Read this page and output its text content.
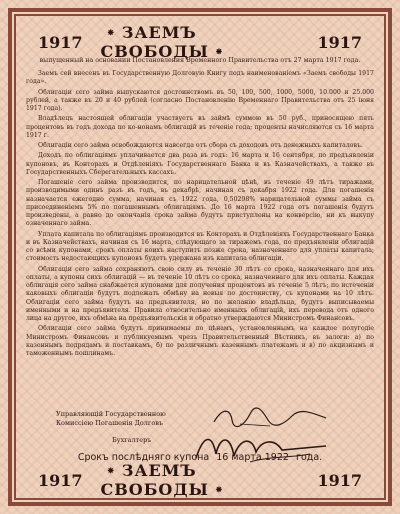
1917	⁕ ЗАЕМЪ СВОБОДЫ ⁕	1917
выпущенный на основании Постановления Временного Правительства отъ 27 марта 1917 года.

Заемъ сей внесенъ въ Государственную Долговую Книгу подъ наименованіемъ «Заемъ свободы 1917 года».

Облигаціи сего займа выпускаются достоинствомъ въ 50, 100, 500, 1000, 5000, 10.000 и 25.000 рублей, а также въ 20 и 40 рублей (согласно Постановленію Временнаго Правительства отъ 25 іюня 1917 года).

Владѣлецъ настоящей облигаціи участвуетъ въ займѣ суммою въ 50 руб., приносящею пять процентовъ въ годъ дохода по ко‑нонамъ облигацій въ теченіе года; проценты начисляются съ 16 марта 1917 г.

Облигаціи сего займа освобождаются навсегда отъ сбора съ доходовъ отъ денежныхъ капиталовъ.

Доходъ по облигаціямъ уплачивается два раза въ годъ: 16 марта и 16 сентября, по предъявленіи купоновъ, въ Конторахъ и Отдѣленіяхъ Государственнаго Банка и въ Казначействахъ, а также въ Государственныхъ Сберегательныхъ кассахъ.

Погашеніе сего займа производится, по нарицательной цѣнѣ, въ теченіе 49 лѣтъ тиражами, производимыми одинъ разъ въ годъ, въ декабрѣ, начиная съ декабря 1922 года. Для погашенія назначается ежегодно сумма, начиная съ 1922 года, 0,50298% нарицательной суммы займа съ присоединеніемъ 5% по погашеннымъ облигаціямъ. До 16 марта 1922 года отъ погашенія будутъ произведены, а равно до окончанія срока займа будутъ приступлены на конверсію, ни къ выкупу означеннаго займа.

Уплата капитала по облигаціямъ производится въ Конторахъ и Отдѣленіяхъ Государственнаго Банка и въ Казначействахъ, начиная съ 16 марта, слѣдующаго за тиражемъ года, по предъявленіи облигацій со всѣми купонами, срокъ оплаты коихъ наступитъ позже срока, назначеннаго для уплаты капитала; стоимость недостающихъ купоновъ будетъ удержана изъ капитала облигаціи.

Облигаціи сего займа сохраняютъ свою силу въ теченіе 30 лѣтъ со срока, назначеннаго для ихъ оплаты, а купоны сихъ облигацій — въ теченіе 10 лѣтъ со срока, назначеннаго для ихъ оплаты. Каждая облигація сего займа снабжается купонами для получения процентовъ въ теченіе 5 лѣтъ; по истеченіи каковыхъ облигаціи будутъ подлежать обмѣну на новыя по достоинству, съ купонами на 10 лѣтъ. Облигаціи сего займа будутъ на предъявителя, но по желанію владѣльца, будутъ выписываемы именными и на предъявителя. Правила относительно именныхъ облигацій, ихъ перевода отъ одного лица на другое, ихъ обмѣна на предъявительскія и обратно утверждаются Министромъ Финансовъ.

Облигаціи сего займа будутъ принимаемы по цѣнамъ, установленнымъ на каждое полугодіе Министромъ Финансовъ и публикуемымъ чрезъ Правительственный Вѣстникъ, въ залоги: а) по казеннымъ подрядамъ и поставкамъ, б) по различнымъ казеннымъ платежамъ и в) по акцизнымъ и таможеннымъ пошлинамъ.

Управляющій Государственною
Комиссіею Погашенія Долговъ
Бухгалтеръ
Срокъ послѣдняго купона 16 марта 1922 года.
1917	⁕ ЗАЕМЪ СВОБОДЫ ⁕	1917
